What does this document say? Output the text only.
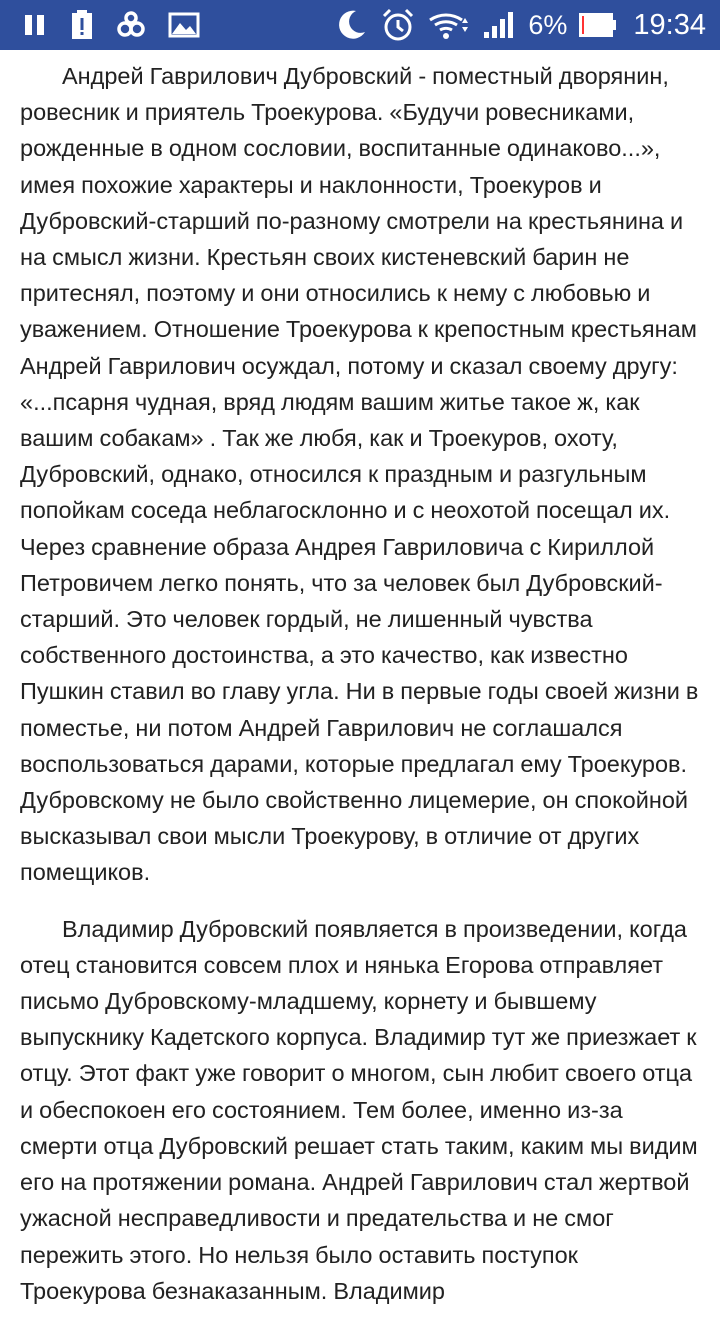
6% 19:34

Андрей Гаврилович Дубровский - поместный дворянин, ровесник и приятель Троекурова. «Будучи ровесниками, рожденные в одном сословии, воспитанные одинаково...», имея похожие характеры и наклонности, Троекуров и Дубровский-старший по-разному смотрели на крестьянина и на смысл жизни. Крестьян своих кистеневский барин не притеснял, поэтому и они относились к нему с любовью и уважением. Отношение Троекурова к крепостным крестьянам Андрей Гаврилович осуждал, потому и сказал своему другу: «...псарня чудная, вряд людям вашим житье такое ж, как вашим собакам» . Так же любя, как и Троекуров, охоту, Дубровский, однако, относился к праздным и разгульным попойкам соседа неблагосклонно и с неохотой посещал их. Через сравнение образа Андрея Гавриловича с Кириллой Петровичем легко понять, что за человек был Дубровский-старший. Это человек гордый, не лишенный чувства собственного достоинства, а это качество, как известно Пушкин ставил во главу угла. Ни в первые годы своей жизни в поместье, ни потом Андрей Гаврилович не соглашался воспользоваться дарами, которые предлагал ему Троекуров. Дубровскому не было свойственно лицемерие, он спокойной высказывал свои мысли Троекурову, в отличие от других помещиков.

Владимир Дубровский появляется в произведении, когда отец становится совсем плох и нянька Егорова отправляет письмо Дубровскому-младшему, корнету и бывшему выпускнику Кадетского корпуса. Владимир тут же приезжает к отцу. Этот факт уже говорит о многом, сын любит своего отца и обеспокоен его состоянием. Тем более, именно из-за смерти отца Дубровский решает стать таким, каким мы видим его на протяжении романа. Андрей Гаврилович стал жертвой ужасной несправедливости и предательства и не смог пережить этого. Но нельзя было оставить поступок Троекурова безнаказанным. Владимир
